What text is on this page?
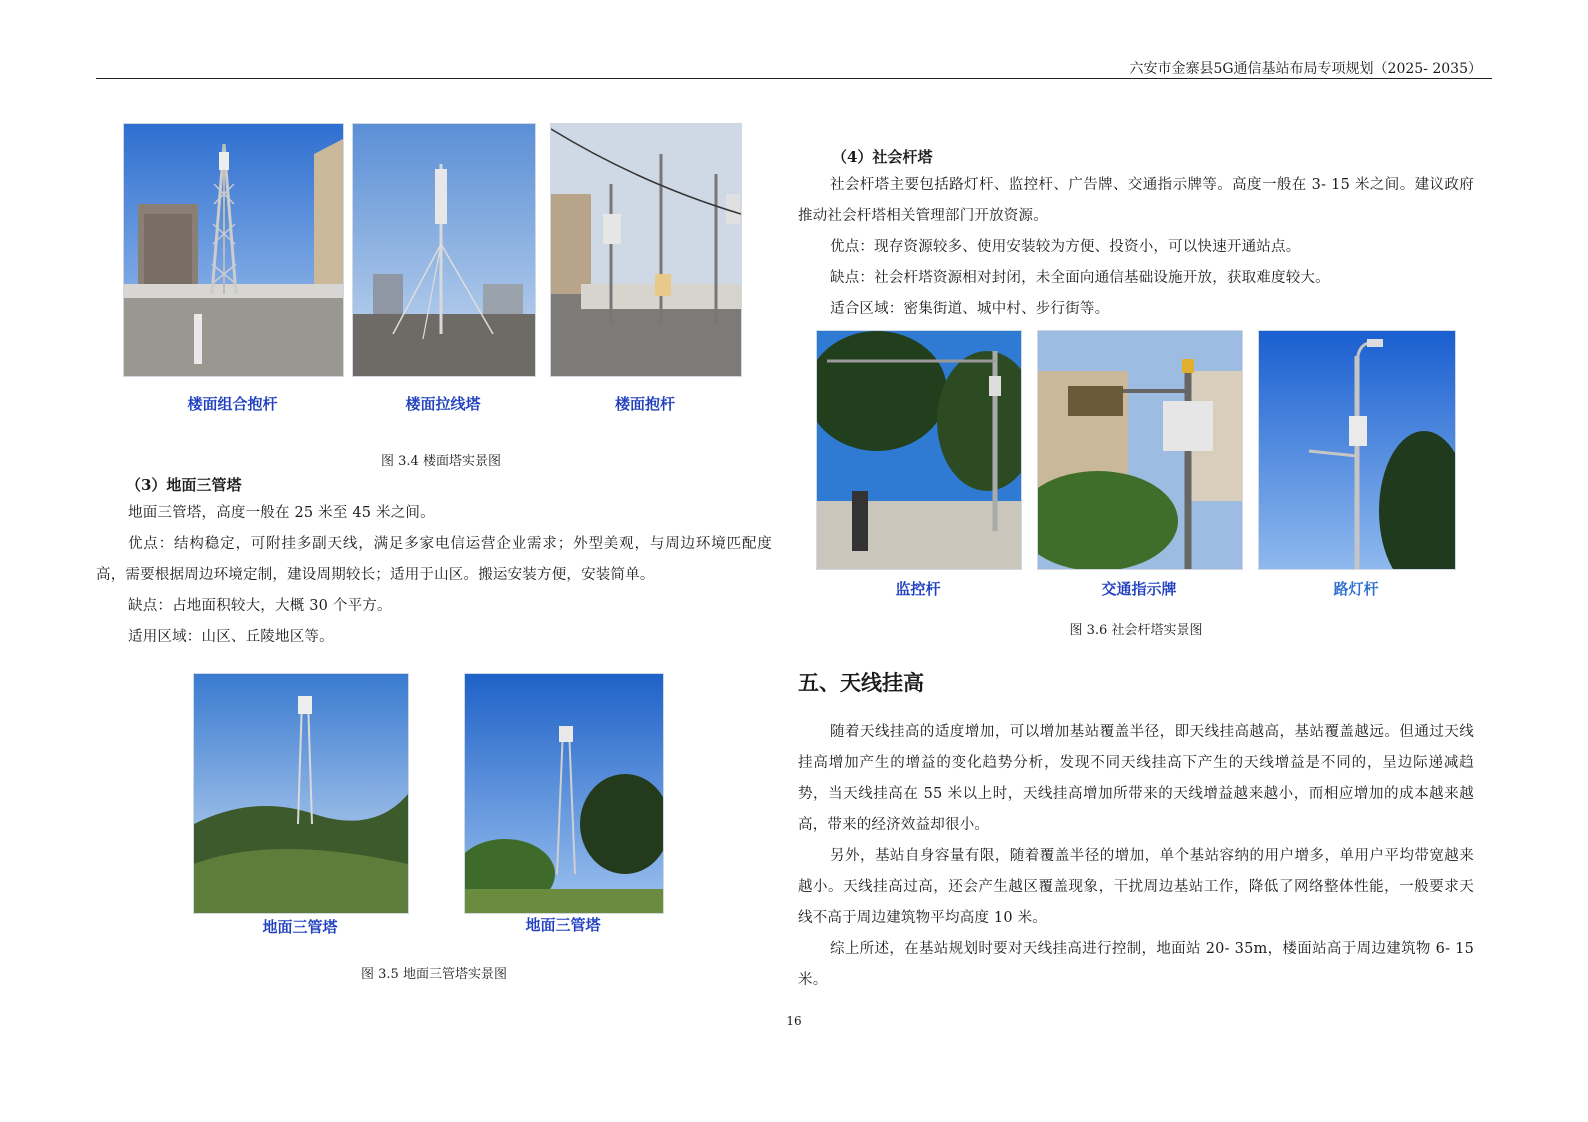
六安市金寨县5G通信基站布局专项规划（2025- 2035）
楼面组合抱杆	楼面拉线塔	楼面抱杆
图 3.4 楼面塔实景图
（3）地面三管塔
地面三管塔，高度一般在 25 米至 45 米之间。
优点：结构稳定，可附挂多副天线，满足多家电信运营企业需求；外型美观，与周边环境匹配度高，需要根据周边环境定制，建设周期较长；适用于山区。搬运安装方便，安装简单。
缺点：占地面积较大，大概 30 个平方。
适用区域：山区、丘陵地区等。
地面三管塔	地面三管塔
图 3.5 地面三管塔实景图
（4）社会杆塔
社会杆塔主要包括路灯杆、监控杆、广告牌、交通指示牌等。高度一般在 3- 15 米之间。建议政府推动社会杆塔相关管理部门开放资源。
优点：现存资源较多、使用安装较为方便、投资小，可以快速开通站点。
缺点：社会杆塔资源相对封闭，未全面向通信基础设施开放，获取难度较大。
适合区域：密集街道、城中村、步行街等。
监控杆	交通指示牌	路灯杆
图 3.6 社会杆塔实景图
五、天线挂高
随着天线挂高的适度增加，可以增加基站覆盖半径，即天线挂高越高，基站覆盖越远。但通过天线挂高增加产生的增益的变化趋势分析，发现不同天线挂高下产生的天线增益是不同的，呈边际递减趋势，当天线挂高在 55 米以上时，天线挂高增加所带来的天线增益越来越小，而相应增加的成本越来越高，带来的经济效益却很小。
另外，基站自身容量有限，随着覆盖半径的增加，单个基站容纳的用户增多，单用户平均带宽越来越小。天线挂高过高，还会产生越区覆盖现象，干扰周边基站工作，降低了网络整体性能，一般要求天线不高于周边建筑物平均高度 10 米。
综上所述，在基站规划时要对天线挂高进行控制，地面站 20- 35m，楼面站高于周边建筑物 6- 15 米。
16
